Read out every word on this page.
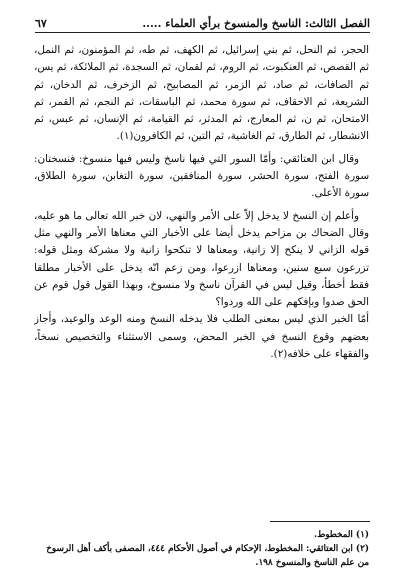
الفصل الثالث: الناسخ والمنسوخ برأي العلماء .....
٦٧

الحجر، ثم النحل، ثم بني إسرائيل، ثم الكهف، ثم طه، ثم المؤمنون، ثم النمل، ثم القصص، ثم العنكبوت، ثم الروم، ثم لقمان، ثم السجدة، ثم الملائكة، ثم يس، ثم الصافات، ثم صاد، ثم الزمر، ثم المصابيح، ثم الزخرف، ثم الدخان، ثم الشريعة، ثم الاحقاف، ثم سورة محمد، ثم الباسقات، ثم النجم، ثم القمر، ثم الامتحان، ثم ن، ثم المعارج، ثم المدثر، ثم القيامة، ثم الإنسان، ثم عبس، ثم الانشطار، ثم الطارق، ثم الغاشية، ثم التين، ثم الكافرون(١).

وقال ابن العتائقي: وأمّا السور التي فيها ناسخ وليس فيها منسوخ: فنسختان: سورة الفتح، سورة الحشر، سورة المنافقين، سورة التغابن، سورة الطلاق، سورة الأعلى.

وأعلم إن النسخ لا يدخل إلاّ على الأمر والنهي، لان خبر الله تعالى ما هو عليه، وقال الضحاك بن مزاحم يدخل أيضا على الأخبار التي معناها الأمر والنهي مثل قوله الزاني لا ينكح إلا زانية، ومعناها لا تنكحوا زانية ولا مشركة ومثل قوله: تزرعون سبع سنين، ومعناها ازرعوا، ومن زعم انّه يدخل على الأخبار مطلقا فقط أخطأ، وقيل ليس في القرآن ناسخ ولا منسوخ، وبهذا القول قول قوم عن الحق صدوا وبإفكهم على الله وردوا؟

أمّا الخبر الذي ليس بمعنى الطلب فلا يدخله النسخ ومنه الوعد والوعيد، وأجاز بعضهم وقوع النسخ في الخبر المحض، وسمى الاستثناء والتخصيص نسخاً، والفقهاء على خلافه(٢).

(١) المخطوط.

(٢) ابن العتائقي: المخطوط، الإحكام في أصول الأحكام ٤٤٤، المصفى بأكف أهل الرسوخ من علم الناسخ والمنسوخ ١٩٨.
